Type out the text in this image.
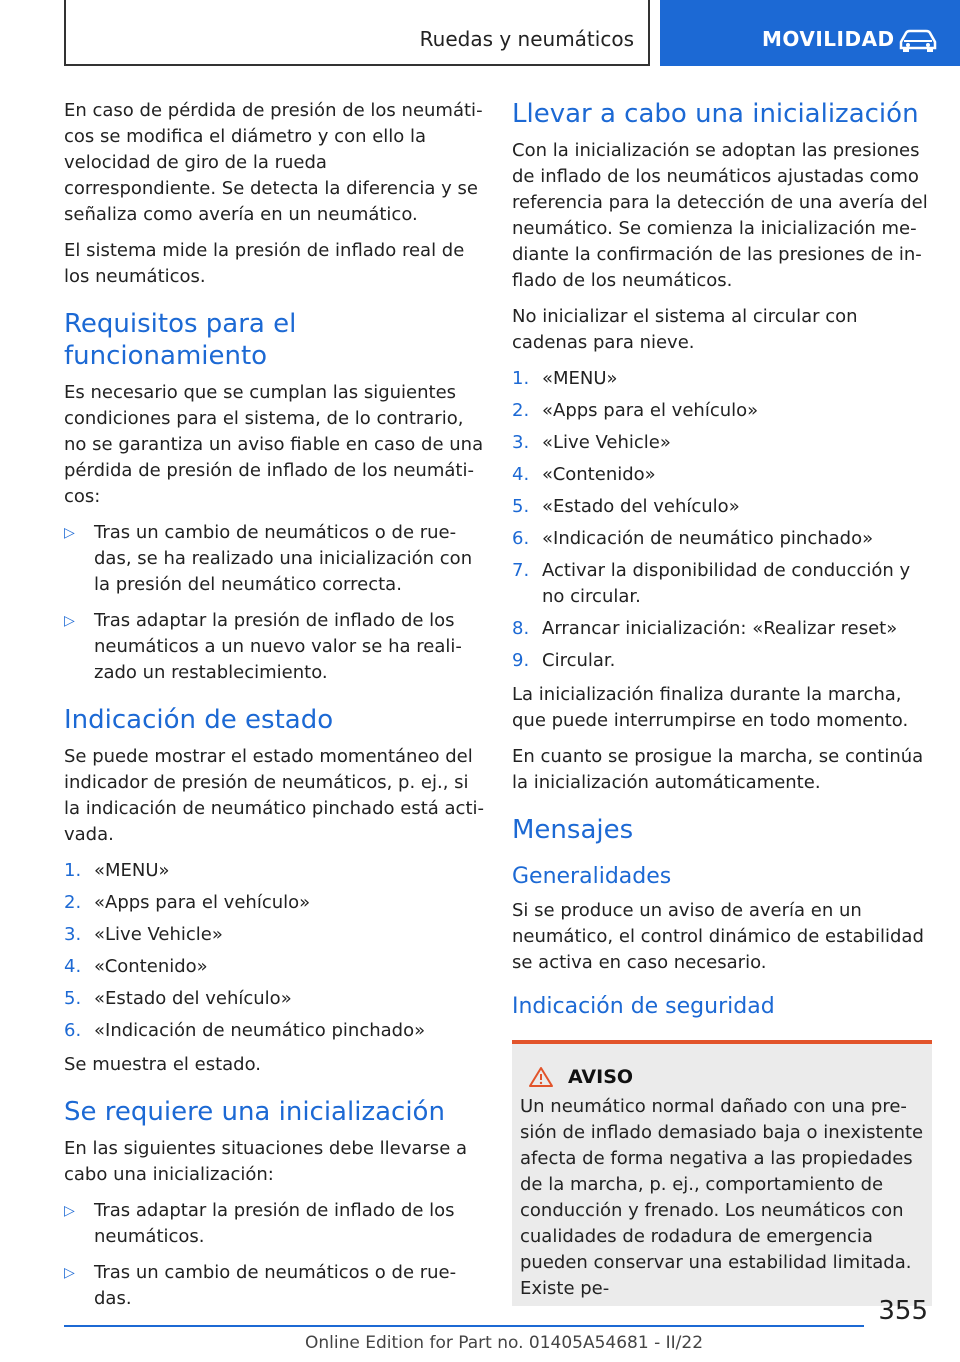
Ruedas y neumáticos	MOVILIDAD

En caso de pérdida de presión de los neumáticos se modifica el diámetro y con ello la velocidad de giro de la rueda correspondiente. Se detecta la diferencia y se señaliza como avería en un neumático.

El sistema mide la presión de inflado real de los neumáticos.

Requisitos para el funcionamiento

Es necesario que se cumplan las siguientes condiciones para el sistema, de lo contrario, no se garantiza un aviso fiable en caso de una pérdida de presión de inflado de los neumáticos:

▷ Tras un cambio de neumáticos o de ruedas, se ha realizado una inicialización con la presión del neumático correcta.
▷ Tras adaptar la presión de inflado de los neumáticos a un nuevo valor se ha realizado un restablecimiento.
Indicación de estado

Se puede mostrar el estado momentáneo del indicador de presión de neumáticos, p. ej., si la indicación de neumático pinchado está activada.

1. «MENU»
2. «Apps para el vehículo»
3. «Live Vehicle»
4. «Contenido»
5. «Estado del vehículo»
6. «Indicación de neumático pinchado»

Se muestra el estado.

Se requiere una inicialización

En las siguientes situaciones debe llevarse a cabo una inicialización:

▷ Tras adaptar la presión de inflado de los neumáticos.
▷ Tras un cambio de neumáticos o de ruedas.
Llevar a cabo una inicialización

Con la inicialización se adoptan las presiones de inflado de los neumáticos ajustadas como referencia para la detección de una avería del neumático. Se comienza la inicialización mediante la confirmación de las presiones de inflado de los neumáticos.

No inicializar el sistema al circular con cadenas para nieve.

1. «MENU»
2. «Apps para el vehículo»
3. «Live Vehicle»
4. «Contenido»
5. «Estado del vehículo»
6. «Indicación de neumático pinchado»
7. Activar la disponibilidad de conducción y no circular.
8. Arrancar inicialización: «Realizar reset»
9. Circular.

La inicialización finaliza durante la marcha, que puede interrumpirse en todo momento.

En cuanto se prosigue la marcha, se continúa la inicialización automáticamente.

Mensajes
Generalidades

Si se produce un aviso de avería en un neumático, el control dinámico de estabilidad se activa en caso necesario.

Indicación de seguridad
AVISO

Un neumático normal dañado con una presión de inflado demasiado baja o inexistente afecta de forma negativa a las propiedades de la marcha, p. ej., comportamiento de conducción y frenado. Los neumáticos con cualidades de rodadura de emergencia pueden conservar una estabilidad limitada. Existe pe-

355
Online Edition for Part no. 01405A54681 - II/22
